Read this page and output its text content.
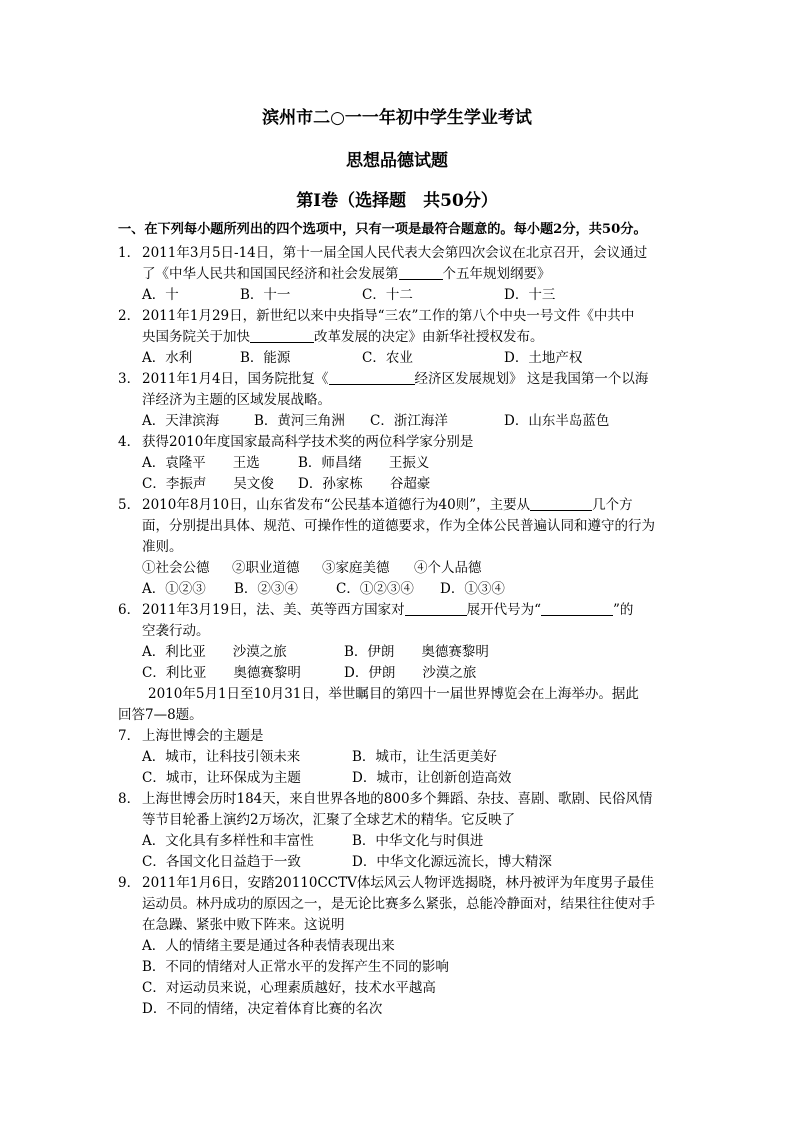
滨州市二○一一年初中学生学业考试
思想品德试题
第Ⅰ卷（选择题　共50分）
一、在下列每小题所列出的四个选项中，只有一项是最符合题意的。每小题2分，共50分。
1． 2011年3月5日-14日，第十一届全国人民代表大会第四次会议在北京召开，会议通过
了《中华人民共和国国民经济和社会发展第	个五年规划纲要》
A．十	B．十一	C．十二	D．十三
2． 2011年1月29日，新世纪以来中央指导“三农”工作的第八个中央一号文件《中共中
央国务院关于加快	改革发展的决定》由新华社授权发布。
A．水利	B．能源	C．农业	D．土地产权
3． 2011年1月4日，国务院批复《	经济区发展规划》 这是我国第一个以海
洋经济为主题的区域发展战略。
A．天津滨海	B．黄河三角洲 C．浙江海洋	D．山东半岛蓝色
4． 获得2010年度国家最高科学技术奖的两位科学家分别是
A．袁隆平　　王选	B．师昌绪　　王振义
C．李振声　　吴文俊 D．孙家栋　　谷超豪
5． 2010年8月10日，山东省发布“公民基本道德行为40则”，主要从	几个方
面，分别提出具体、规范、可操作性的道德要求，作为全体公民普遍认同和遵守的行为
准则。
①社会公德 ②职业道德 ③家庭美德 ④个人品德
A．①②③ B．②③④	C．①②③④ D．①③④
6． 2011年3月19日，法、美、英等西方国家对	展开代号为“	”的
空袭行动。
A．利比亚　　沙漠之旅	B．伊朗　　奥德赛黎明
C．利比亚　　奥德赛黎明	D．伊朗　　沙漠之旅
2010年5月1日至10月31日，举世瞩目的第四十一届世界博览会在上海举办。据此
回答7—8题。
7． 上海世博会的主题是
A．城市，让科技引领未来	B．城市，让生活更美好
C．城市，让环保成为主题	D．城市，让创新创造高效
8． 上海世博会历时184天，来自世界各地的800多个舞蹈、杂技、喜剧、歌剧、民俗风情
等节目轮番上演约2万场次，汇聚了全球艺术的精华。它反映了
A．文化具有多样性和丰富性	B．中华文化与时俱进
C．各国文化日益趋于一致	D．中华文化源远流长，博大精深
9． 2011年1月6日，安踏20110CCTV体坛风云人物评选揭晓，林丹被评为年度男子最佳
运动员。林丹成功的原因之一，是无论比赛多么紧张，总能冷静面对，结果往往使对手
在急躁、紧张中败下阵来。这说明
A．人的情绪主要是通过各种表情表现出来
B．不同的情绪对人正常水平的发挥产生不同的影响
C．对运动员来说，心理素质越好，技术水平越高
D．不同的情绪，决定着体育比赛的名次
